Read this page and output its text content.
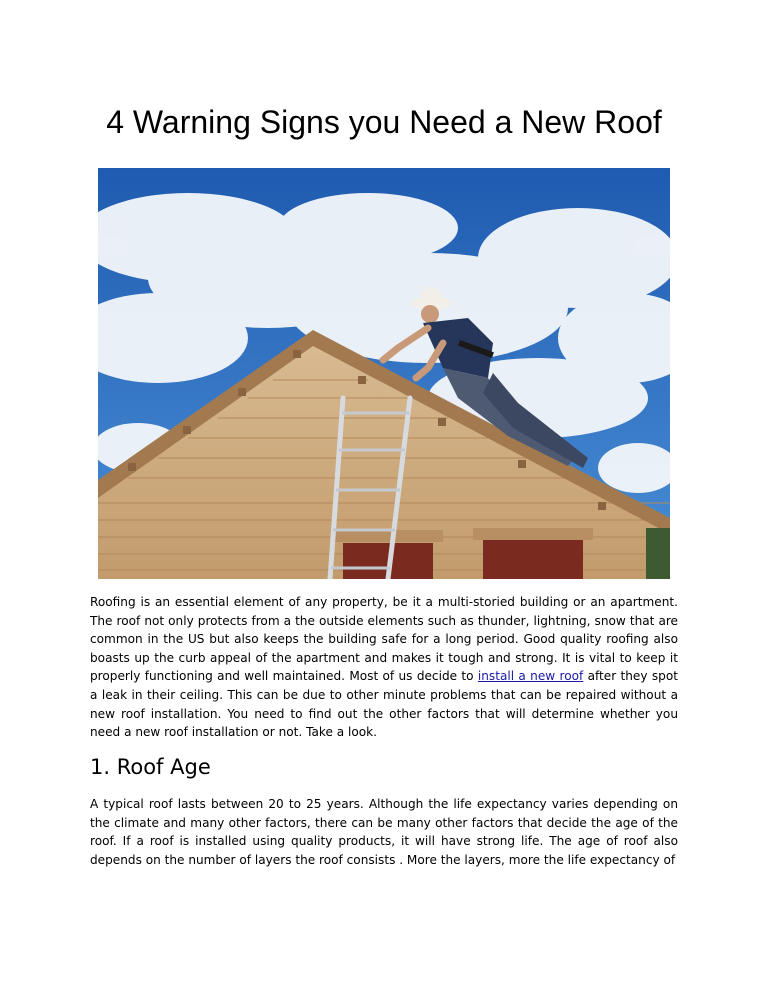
4 Warning Signs you Need a New Roof

Roofing is an essential element of any property, be it a multi-storied building or an apartment. The roof not only protects from a the outside elements such as thunder, lightning, snow that are common in the US but also keeps the building safe for a long period. Good quality roofing also boasts up the curb appeal of the apartment and makes it tough and strong. It is vital to keep it properly functioning and well maintained. Most of us decide to install a new roof after they spot a leak in their ceiling. This can be due to other minute problems that can be repaired without a new roof installation. You need to find out the other factors that will determine whether you need a new roof installation or not. Take a look.

1. Roof Age

A typical roof lasts between 20 to 25 years. Although the life expectancy varies depending on the climate and many other factors, there can be many other factors that decide the age of the roof. If a roof is installed using quality products, it will have strong life. The age of roof also depends on the number of layers the roof consists . More the layers, more the life expectancy of
